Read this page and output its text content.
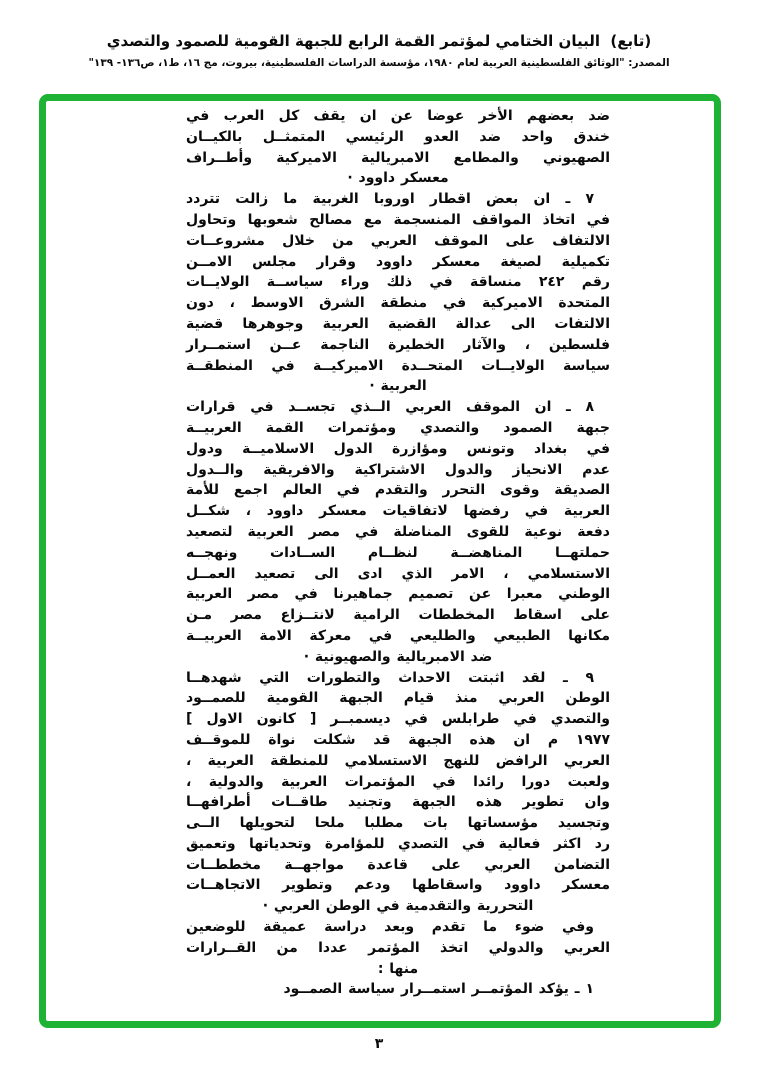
(تابع)  البيان الختامي لمؤتمر القمة الرابع للجبهة القومية للصمود والتصدي
المصدر: "الوثائق الفلسطينية العربية لعام ١٩٨٠، مؤسسة الدراسات الفلسطينية، بيروت، مج ١٦، ط١، ص١٣٦- ١٣٩"
ضد بعضهم الأخر عوضا عن ان يقف كل العرب في
خندق واحد ضد العدو الرئيسي المتمثــل بالكيــان
الصهيوني والمطامع الامبريالية الاميركية وأطــراف
معسكر داوود ·
٧ ـ ان بعض اقطار اوروبا الغربية ما زالت تتردد
في اتخاذ المواقف المنسجمة مع مصالح شعوبها وتحاول
الالتفاف على الموقف العربي من خلال مشروعــات
تكميلية لصيغة معسكر داوود وقرار مجلس الامــن
رقم ٢٤٢ منساقة في ذلك وراء سياســة الولايــات
المتحدة الاميركية في منطقة الشرق الاوسط ، دون
الالتفات الى عدالة القضية العربية وجوهرها قضية
فلسطين ، والآثار الخطيرة الناجمة عــن استمــرار
سياسة الولايــات المتحــدة الاميركيــة في المنطقــة
العربية ·
٨ ـ ان الموقف العربي الــذي تجســد في قرارات
جبهة الصمود والتصدي ومؤتمرات القمة العربيــة
في بغداد وتونس ومؤازرة الدول الاسلاميــة ودول
عدم الانحياز والدول الاشتراكية والافريقية والــدول
الصديقة وقوى التحرر والتقدم في العالم اجمع للأمة
العربية في رفضها لاتفاقيات معسكر داوود ، شكــل
دفعة نوعية للقوى المناضلة في مصر العربية لتصعيد
حملتهــا المناهضــة لنظــام الســادات ونهجــه
الاستسلامي ، الامر الذي ادى الى تصعيد العمــل
الوطني معبرا عن تصميم جماهيرنا في مصر العربية
على اسقاط المخططات الرامية لانتــزاع مصر مـن
مكانها الطبيعي والطليعي في معركة الامة العربيــة
ضد الامبريالية والصهيونية ·
٩ ـ لقد اثبتت الاحداث والتطورات التي شهدهــا
الوطن العربي منذ قيام الجبهة القومية للصمــود
والتصدي في طرابلس في ديسمبــر [ كانون الاول ]
١٩٧٧ م ان هذه الجبهة قد شكلت نواة للموقــف
العربي الرافض للنهج الاستسلامي للمنطقة العربية ،
ولعبت دورا رائدا في المؤتمرات العربية والدولية ،
وان تطوير هذه الجبهة وتجنيد طاقــات أطرافهــا
وتجسيد مؤسساتها بات مطلبا ملحا لتحويلها الــى
رد اكثر فعالية في التصدي للمؤامرة وتحدياتها وتعميق
التضامن العربي على قاعدة مواجهــة مخططــات
معسكر داوود واسقاطها ودعم وتطوير الاتجاهــات
التحررية والتقدمية في الوطن العربي ·
وفي ضوء ما تقدم وبعد دراسة عميقة للوضعين
العربي والدولي اتخذ المؤتمر عددا من القــرارات
منها :
١ ـ يؤكد المؤتمــر استمــرار سياسة الصمــود
٣
